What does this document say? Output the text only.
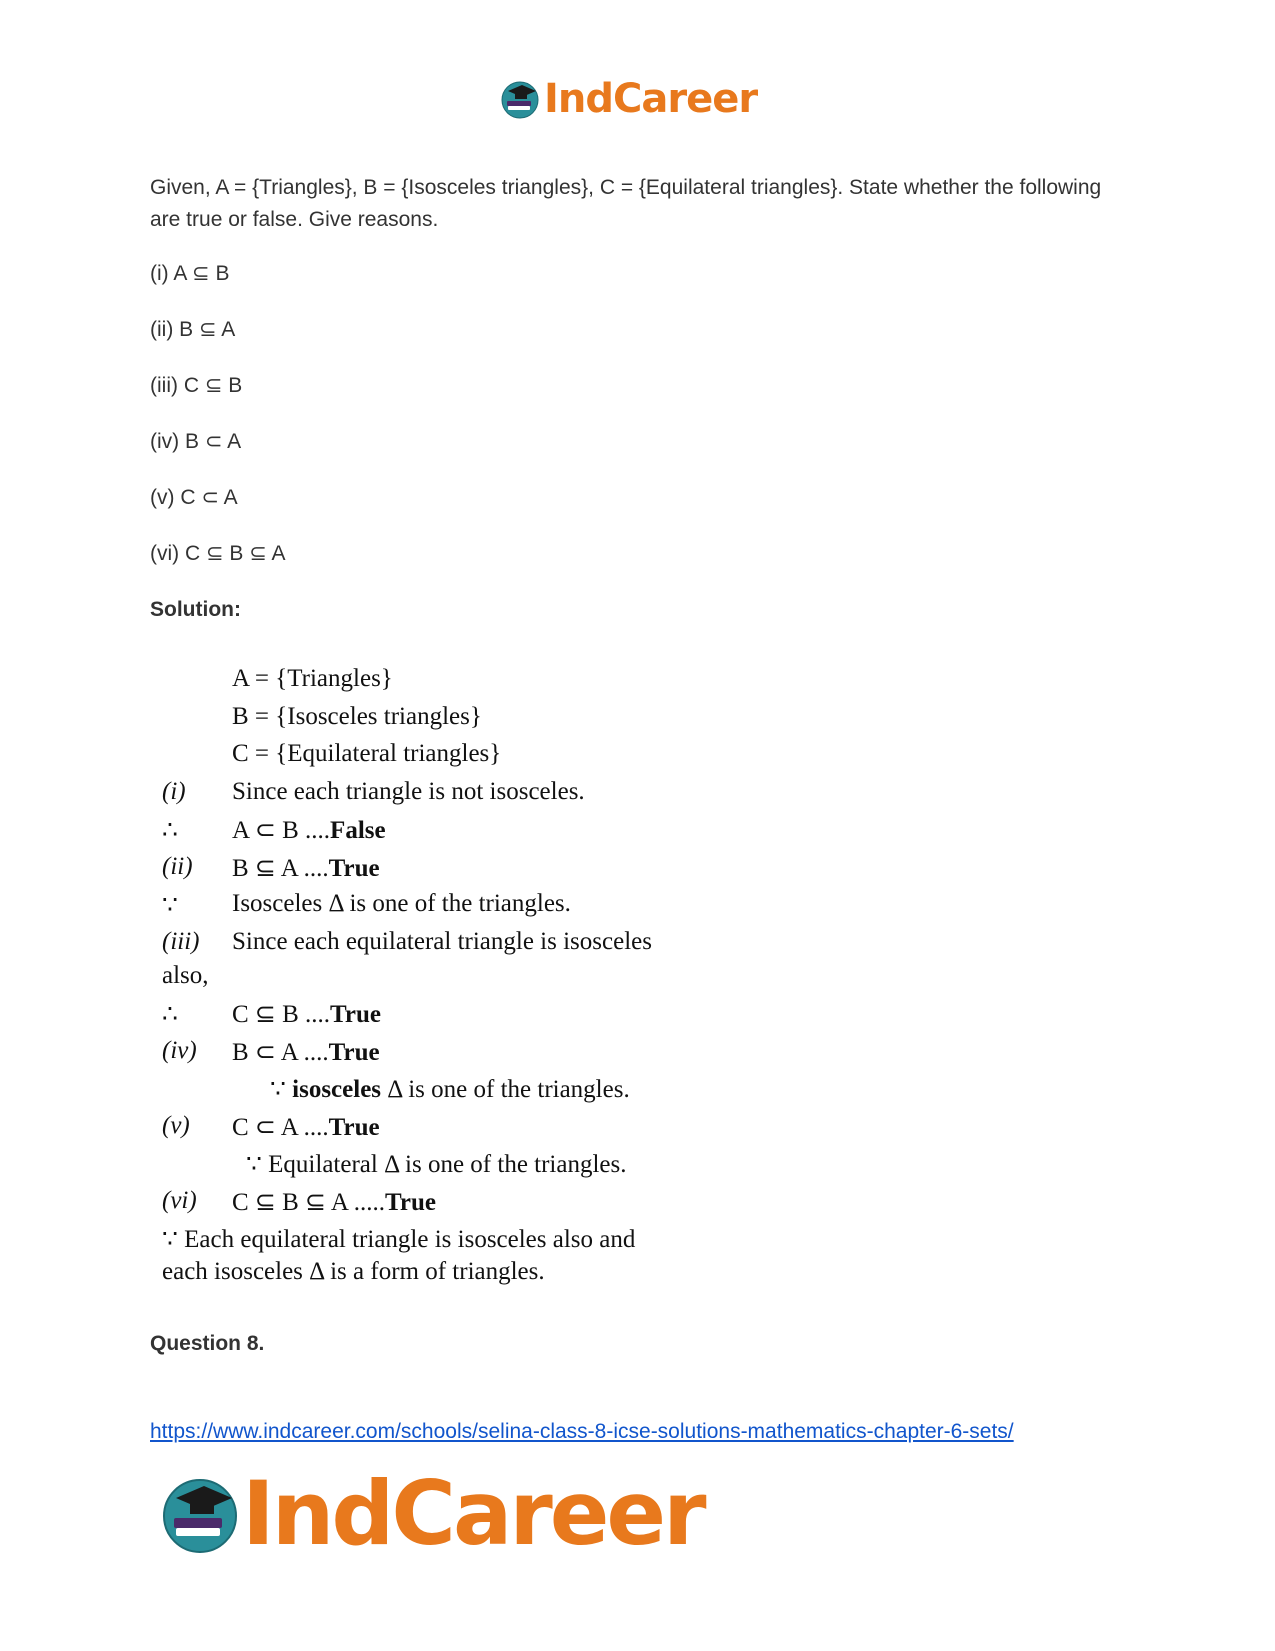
IndCareer

Given, A = {Triangles}, B = {Isosceles triangles}, C = {Equilateral triangles}. State whether the following are true or false. Give reasons.

(i) A ⊆ B

(ii) B ⊆ A

(iii) C ⊆ B

(iv) B ⊂ A

(v) C ⊂ A

(vi) C ⊆ B ⊆ A

Solution:

A = {Triangles}
B = {Isosceles triangles}
C = {Equilateral triangles}
(i) Since each triangle is not isosceles.
∴ A ⊂ B ....False
(ii) B ⊆ A ....True
∵ Isosceles Δ is one of the triangles.
(iii) Since each equilateral triangle is isosceles
also,
∴ C ⊆ B ....True
(iv) B ⊂ A ....True
∵ isosceles Δ is one of the triangles.
(v) C ⊂ A ....True
∵ Equilateral Δ is one of the triangles.
(vi) C ⊆ B ⊆ A .....True
∵ Each equilateral triangle is isosceles also and
each isosceles Δ is a form of triangles.
Question 8.
https://www.indcareer.com/schools/selina-class-8-icse-solutions-mathematics-chapter-6-sets/
IndCareer
